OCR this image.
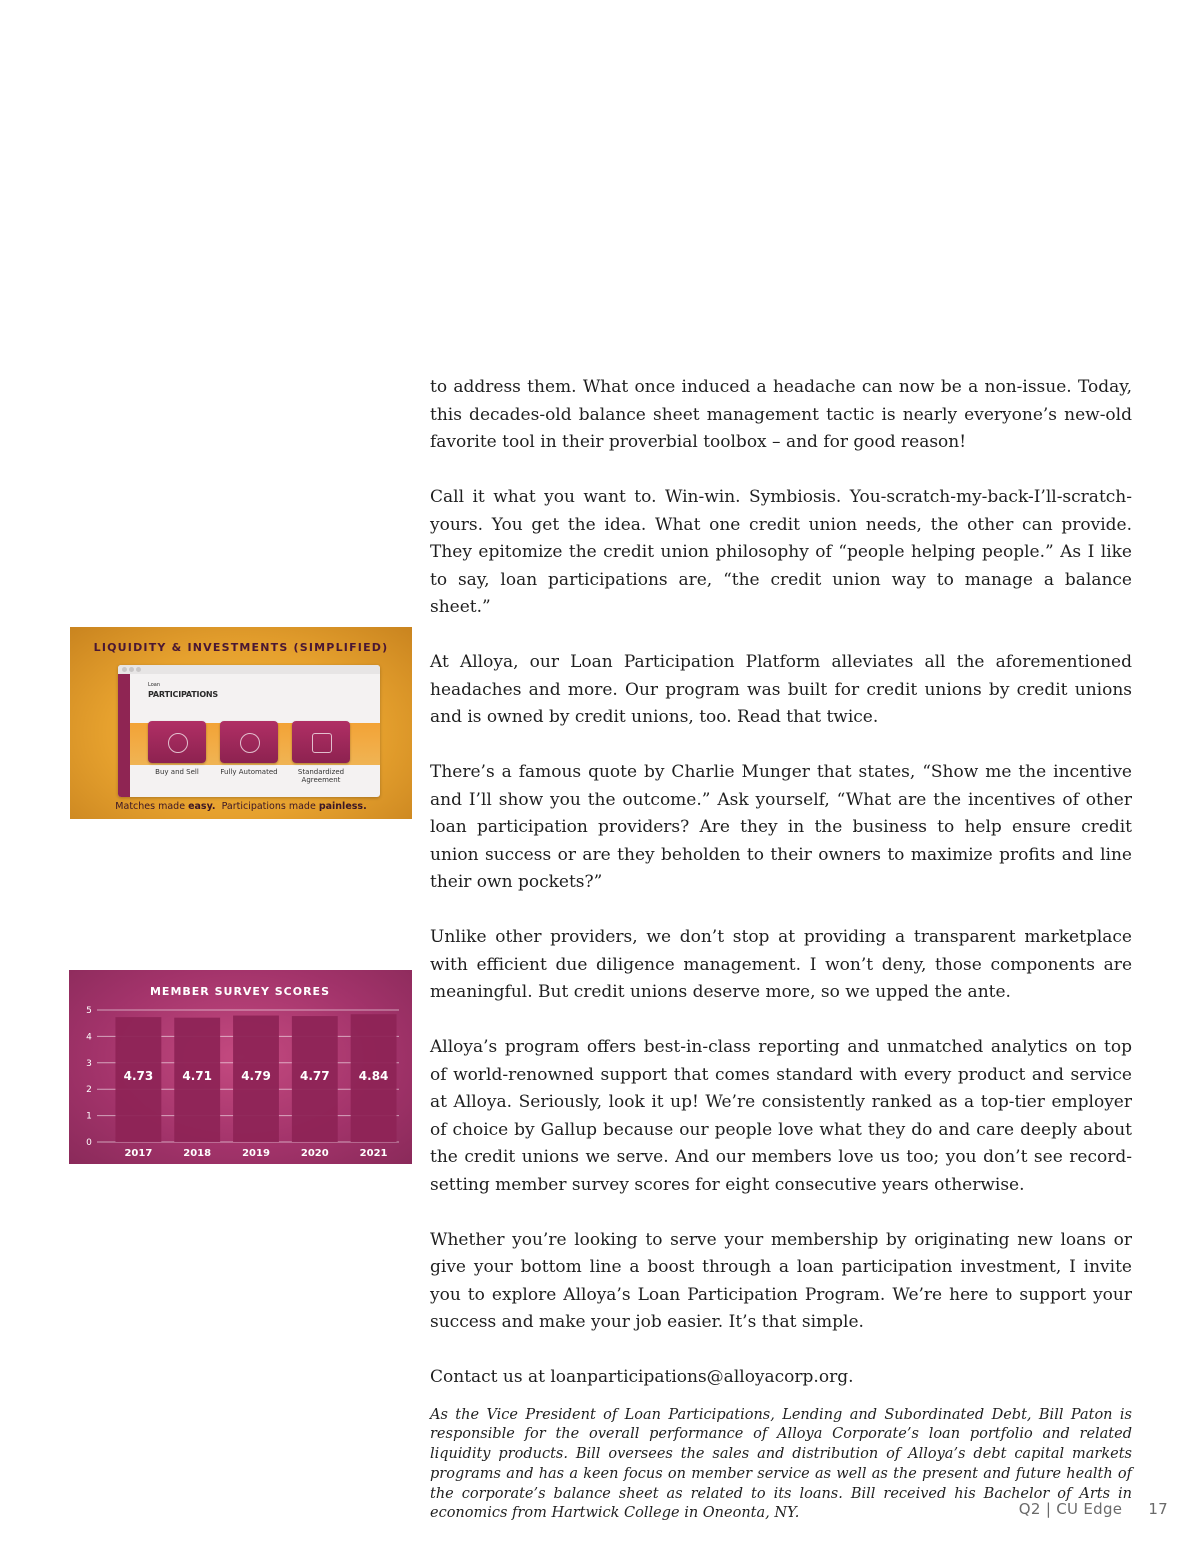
to address them. What once induced a headache can now be a non-issue. Today, this decades-old balance sheet management tactic is nearly everyone’s new-old favorite tool in their proverbial toolbox – and for good reason!

Call it what you want to. Win-win. Symbiosis. You-scratch-my-back-I’ll-scratch-yours. You get the idea. What one credit union needs, the other can provide. They epitomize the credit union philosophy of “people helping people.” As I like to say, loan participations are, “the credit union way to manage a balance sheet.”

At Alloya, our Loan Participation Platform alleviates all the aforementioned headaches and more. Our program was built for credit unions by credit unions and is owned by credit unions, too. Read that twice.

There’s a famous quote by Charlie Munger that states, “Show me the incentive and I’ll show you the outcome.” Ask yourself, “What are the incentives of other loan participation providers? Are they in the business to help ensure credit union success or are they beholden to their owners to maximize profits and line their own pockets?”

Unlike other providers, we don’t stop at providing a transparent marketplace with efficient due diligence management. I won’t deny, those components are meaningful. But credit unions deserve more, so we upped the ante.

Alloya’s program offers best-in-class reporting and unmatched analytics on top of world-renowned support that comes standard with every product and service at Alloya. Seriously, look it up! We’re consistently ranked as a top-tier employer of choice by Gallup because our people love what they do and care deeply about the credit unions we serve. And our members love us too; you don’t see record-setting member survey scores for eight consecutive years otherwise.

Whether you’re looking to serve your membership by originating new loans or give your bottom line a boost through a loan participation investment, I invite you to explore Alloya’s Loan Participation Program. We’re here to support your success and make your job easier. It’s that simple.

Contact us at loanparticipations@alloyacorp.org.

As the Vice President of Loan Participations, Lending and Subordinated Debt, Bill Paton is responsible for the overall performance of Alloya Corporate’s loan portfolio and related liquidity products. Bill oversees the sales and distribution of Alloya’s debt capital markets programs and has a keen focus on member service as well as the present and future health of the corporate’s balance sheet as related to its loans. Bill received his Bachelor of Arts in economics from Hartwick College in Oneonta, NY.

LIQUIDITY & INVESTMENTS (SIMPLIFIED)
Loan
PARTICIPATIONS
Buy and Sell	Fully Automated	Standardized Agreement
Matches made easy.  Participations made painless.
MEMBER SURVEY SCORES
0
1
2
3
4
5
4.73
2017
4.71
2018
4.79
2019
4.77
2020
4.84
2021
Q2 | CU Edge 17
